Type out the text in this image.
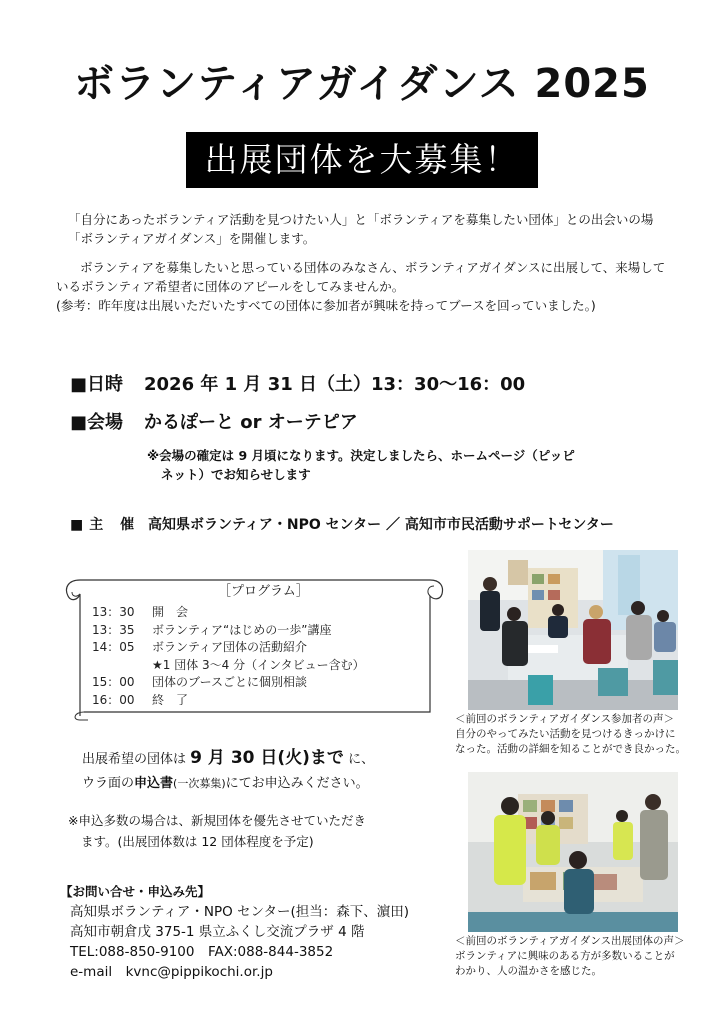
ボランティアガイダンス 2025
出展団体を大募集！

「自分にあったボランティア活動を見つけたい人」と「ボランティアを募集したい団体」との出会いの場
「ボランティアガイダンス」を開催します。

ボランティアを募集したいと思っている団体のみなさん、ボランティアガイダンスに出展して、来場して
いるボランティア希望者に団体のアピールをしてみませんか。
(参考：昨年度は出展いただいたすべての団体に参加者が興味を持ってブースを回っていました。)

■日時 2026 年 1 月 31 日（土）13：30～16：00
■会場 かるぽーと or オーテピア
※会場の確定は 9 月頃になります。決定しましたら、ホームページ（ピッピ
ネット）でお知らせします
■主 催 高知県ボランティア・NPO センター ／ 高知市市民活動サポートセンター
［プログラム］
13：30	開　会
13：35	ボランティア“はじめの一歩”講座
14：05	ボランティア団体の活動紹介
★1 団体 3～4 分（インタビュー含む）
15：00	団体のブースごとに個別相談
16：00	終　了
出展希望の団体は 9 月 30 日(火)まで に、
ウラ面の申込書(一次募集)にてお申込みください。
※申込多数の場合は、新規団体を優先させていただき
ます。(出展団体数は 12 団体程度を予定)
【お問い合せ・申込み先】
高知県ボランティア・NPO センター(担当：森下、濵田)
高知市朝倉戊 375-1 県立ふくし交流プラザ 4 階
TEL:088-850-9100　FAX:088-844-3852
e-mail　kvnc@pippikochi.or.jp
＜前回のボランティアガイダンス参加者の声＞
自分のやってみたい活動を見つけるきっかけに
なった。活動の詳細を知ることができ良かった。
＜前回のボランティアガイダンス出展団体の声＞
ボランティアに興味のある方が多数いることが
わかり、人の温かさを感じた。
